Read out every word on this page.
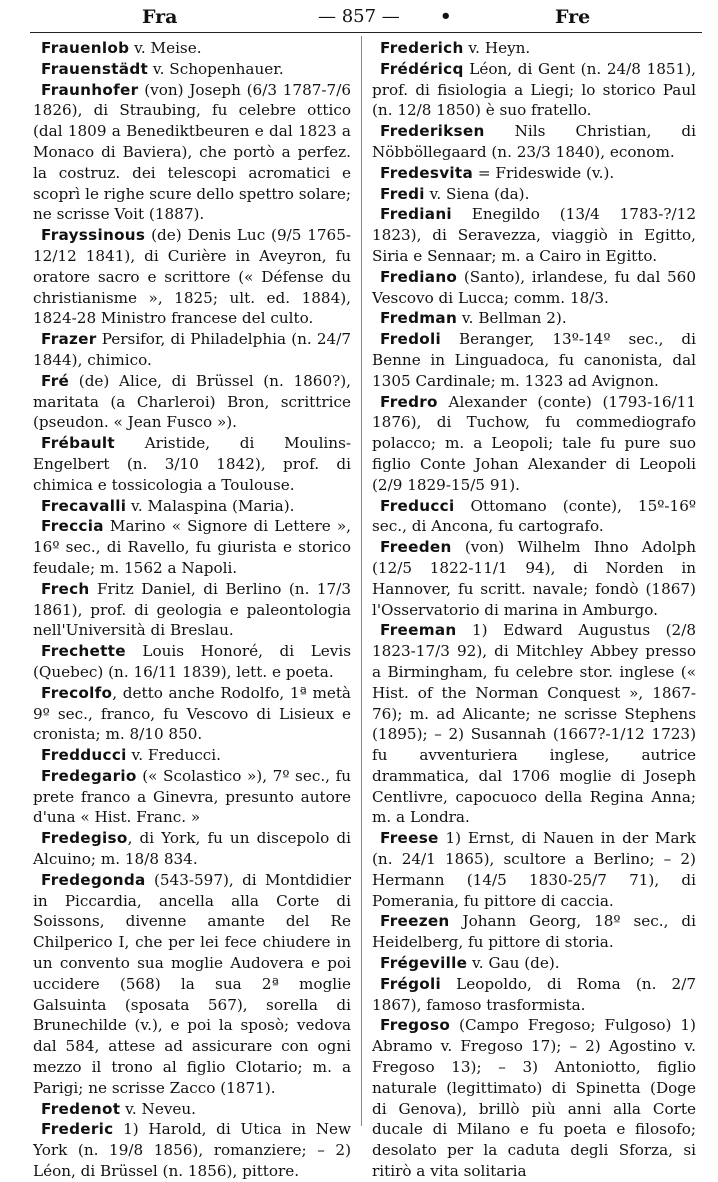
Fra	— 857 — •	Fre

Frauenlob v. Meise.

Frauenstädt v. Schopenhauer.

Fraunhofer (von) Joseph (6/3 1787-7/6 1826), di Straubing, fu celebre ottico (dal 1809 a Benediktbeuren e dal 1823 a Monaco di Baviera), che portò a perfez. la costruz. dei telescopi acromatici e scoprì le righe scure dello spettro solare; ne scrisse Voit (1887).

Frayssinous (de) Denis Luc (9/5 1765-12/12 1841), di Curière in Aveyron, fu oratore sacro e scrittore (« Défense du christianisme », 1825; ult. ed. 1884), 1824-28 Ministro francese del culto.

Frazer Persifor, di Philadelphia (n. 24/7 1844), chimico.

Fré (de) Alice, di Brüssel (n. 1860?), maritata (a Charleroi) Bron, scrittrice (pseudon. « Jean Fusco »).

Frébault Aristide, di Moulins-Engelbert (n. 3/10 1842), prof. di chimica e tossicologia a Toulouse.

Frecavalli v. Malaspina (Maria).

Freccia Marino « Signore di Lettere », 16º sec., di Ravello, fu giurista e storico feudale; m. 1562 a Napoli.

Frech Fritz Daniel, di Berlino (n. 17/3 1861), prof. di geologia e paleontologia nell'Università di Breslau.

Frechette Louis Honoré, di Levis (Quebec) (n. 16/11 1839), lett. e poeta.

Frecolfo, detto anche Rodolfo, 1ª metà 9º sec., franco, fu Vescovo di Lisieux e cronista; m. 8/10 850.

Fredducci v. Freducci.

Fredegario (« Scolastico »), 7º sec., fu prete franco a Ginevra, presunto autore d'una « Hist. Franc. »

Fredegiso, di York, fu un discepolo di Alcuino; m. 18/8 834.

Fredegonda (543-597), di Montdidier in Piccardia, ancella alla Corte di Soissons, divenne amante del Re Chilperico I, che per lei fece chiudere in un convento sua moglie Audovera e poi uccidere (568) la sua 2ª moglie Galsuinta (sposata 567), sorella di Brunechilde (v.), e poi la sposò; vedova dal 584, attese ad assicurare con ogni mezzo il trono al figlio Clotario; m. a Parigi; ne scrisse Zacco (1871).

Fredenot v. Neveu.

Frederic 1) Harold, di Utica in New York (n. 19/8 1856), romanziere; – 2) Léon, di Brüssel (n. 1856), pittore.

Frederich v. Heyn.

Frédéricq Léon, di Gent (n. 24/8 1851), prof. di fisiologia a Liegi; lo storico Paul (n. 12/8 1850) è suo fratello.

Frederiksen Nils Christian, di Nöbböllegaard (n. 23/3 1840), econom.

Fredesvita = Frideswide (v.).

Fredi v. Siena (da).

Frediani Enegildo (13/4 1783-?/12 1823), di Seravezza, viaggiò in Egitto, Siria e Sennaar; m. a Cairo in Egitto.

Frediano (Santo), irlandese, fu dal 560 Vescovo di Lucca; comm. 18/3.

Fredman v. Bellman 2).

Fredoli Beranger, 13º-14º sec., di Benne in Linguadoca, fu canonista, dal 1305 Cardinale; m. 1323 ad Avignon.

Fredro Alexander (conte) (1793-16/11 1876), di Tuchow, fu commediografo polacco; m. a Leopoli; tale fu pure suo figlio Conte Johan Alexander di Leopoli (2/9 1829-15/5 91).

Freducci Ottomano (conte), 15º-16º sec., di Ancona, fu cartografo.

Freeden (von) Wilhelm Ihno Adolph (12/5 1822-11/1 94), di Norden in Hannover, fu scritt. navale; fondò (1867) l'Osservatorio di marina in Amburgo.

Freeman 1) Edward Augustus (2/8 1823-17/3 92), di Mitchley Abbey presso a Birmingham, fu celebre stor. inglese (« Hist. of the Norman Conquest », 1867-76); m. ad Alicante; ne scrisse Stephens (1895); – 2) Susannah (1667?-1/12 1723) fu avventuriera inglese, autrice drammatica, dal 1706 moglie di Joseph Centlivre, capocuoco della Regina Anna; m. a Londra.

Freese 1) Ernst, di Nauen in der Mark (n. 24/1 1865), scultore a Berlino; – 2) Hermann (14/5 1830-25/7 71), di Pomerania, fu pittore di caccia.

Freezen Johann Georg, 18º sec., di Heidelberg, fu pittore di storia.

Frégeville v. Gau (de).

Frégoli Leopoldo, di Roma (n. 2/7 1867), famoso trasformista.

Fregoso (Campo Fregoso; Fulgoso) 1) Abramo v. Fregoso 17); – 2) Agostino v. Fregoso 13); – 3) Antoniotto, figlio naturale (legittimato) di Spinetta (Doge di Genova), brillò più anni alla Corte ducale di Milano e fu poeta e filosofo; desolato per la caduta degli Sforza, si ritirò a vita solitaria
